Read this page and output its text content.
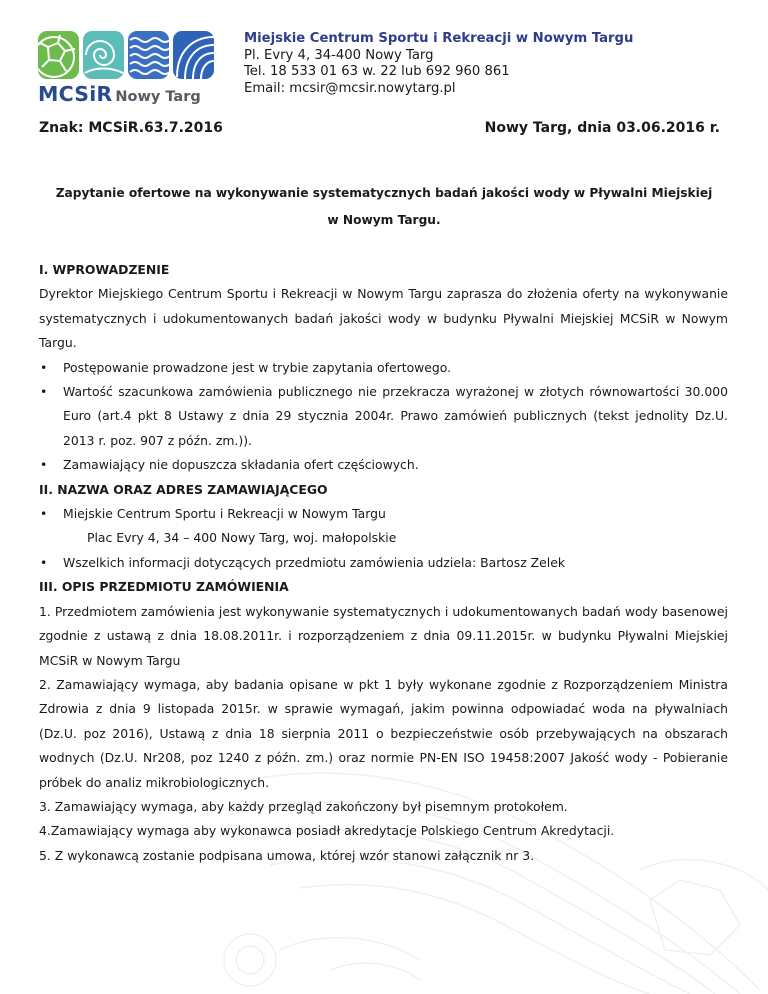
MCSiR Nowy Targ
Miejskie Centrum Sportu i Rekreacji w Nowym Targu
Pl. Evry 4, 34-400 Nowy Targ
Tel. 18 533 01 63 w. 22 lub 692 960 861
Email: mcsir@mcsir.nowytarg.pl
Znak: MCSiR.63.7.2016	Nowy Targ, dnia 03.06.2016 r.
Zapytanie ofertowe na wykonywanie systematycznych badań jakości wody w Pływalni Miejskiej
w Nowym Targu.

I. WPROWADZENIE

Dyrektor Miejskiego Centrum Sportu i Rekreacji w Nowym Targu zaprasza do złożenia oferty na wykonywanie systematycznych i udokumentowanych badań jakości wody w budynku Pływalni Miejskiej MCSiR w Nowym Targu.

• Postępowanie prowadzone jest w trybie zapytania ofertowego.
• Wartość szacunkowa zamówienia publicznego nie przekracza wyrażonej w złotych równowartości 30.000 Euro (art.4 pkt 8 Ustawy z dnia 29 stycznia 2004r. Prawo zamówień publicznych (tekst jednolity Dz.U. 2013 r. poz. 907 z późn. zm.)).
• Zamawiający nie dopuszcza składania ofert częściowych.

II. NAZWA ORAZ ADRES ZAMAWIAJĄCEGO

• Miejskie Centrum Sportu i Rekreacji w Nowym Targu

Plac Evry 4, 34 – 400 Nowy Targ, woj. małopolskie

• Wszelkich informacji dotyczących przedmiotu zamówienia udziela: Bartosz Zelek

III. OPIS PRZEDMIOTU ZAMÓWIENIA

1. Przedmiotem zamówienia jest wykonywanie systematycznych i udokumentowanych badań wody basenowej zgodnie z ustawą z dnia 18.08.2011r. i rozporządzeniem z dnia 09.11.2015r. w budynku Pływalni Miejskiej MCSiR w Nowym Targu

2. Zamawiający wymaga, aby badania opisane w pkt 1 były wykonane zgodnie z Rozporządzeniem Ministra Zdrowia z dnia 9 listopada 2015r. w sprawie wymagań, jakim powinna odpowiadać woda na pływalniach (Dz.U. poz 2016), Ustawą z dnia 18 sierpnia 2011 o bezpieczeństwie osób przebywających na obszarach wodnych (Dz.U. Nr208, poz 1240 z późn. zm.) oraz normie PN-EN ISO 19458:2007 Jakość wody - Pobieranie próbek do analiz mikrobiologicznych.

3. Zamawiający wymaga, aby każdy przegląd zakończony był pisemnym protokołem.

4.Zamawiający wymaga aby wykonawca posiadł akredytacje Polskiego Centrum Akredytacji.

5. Z wykonawcą zostanie podpisana umowa, której wzór stanowi załącznik nr 3.
